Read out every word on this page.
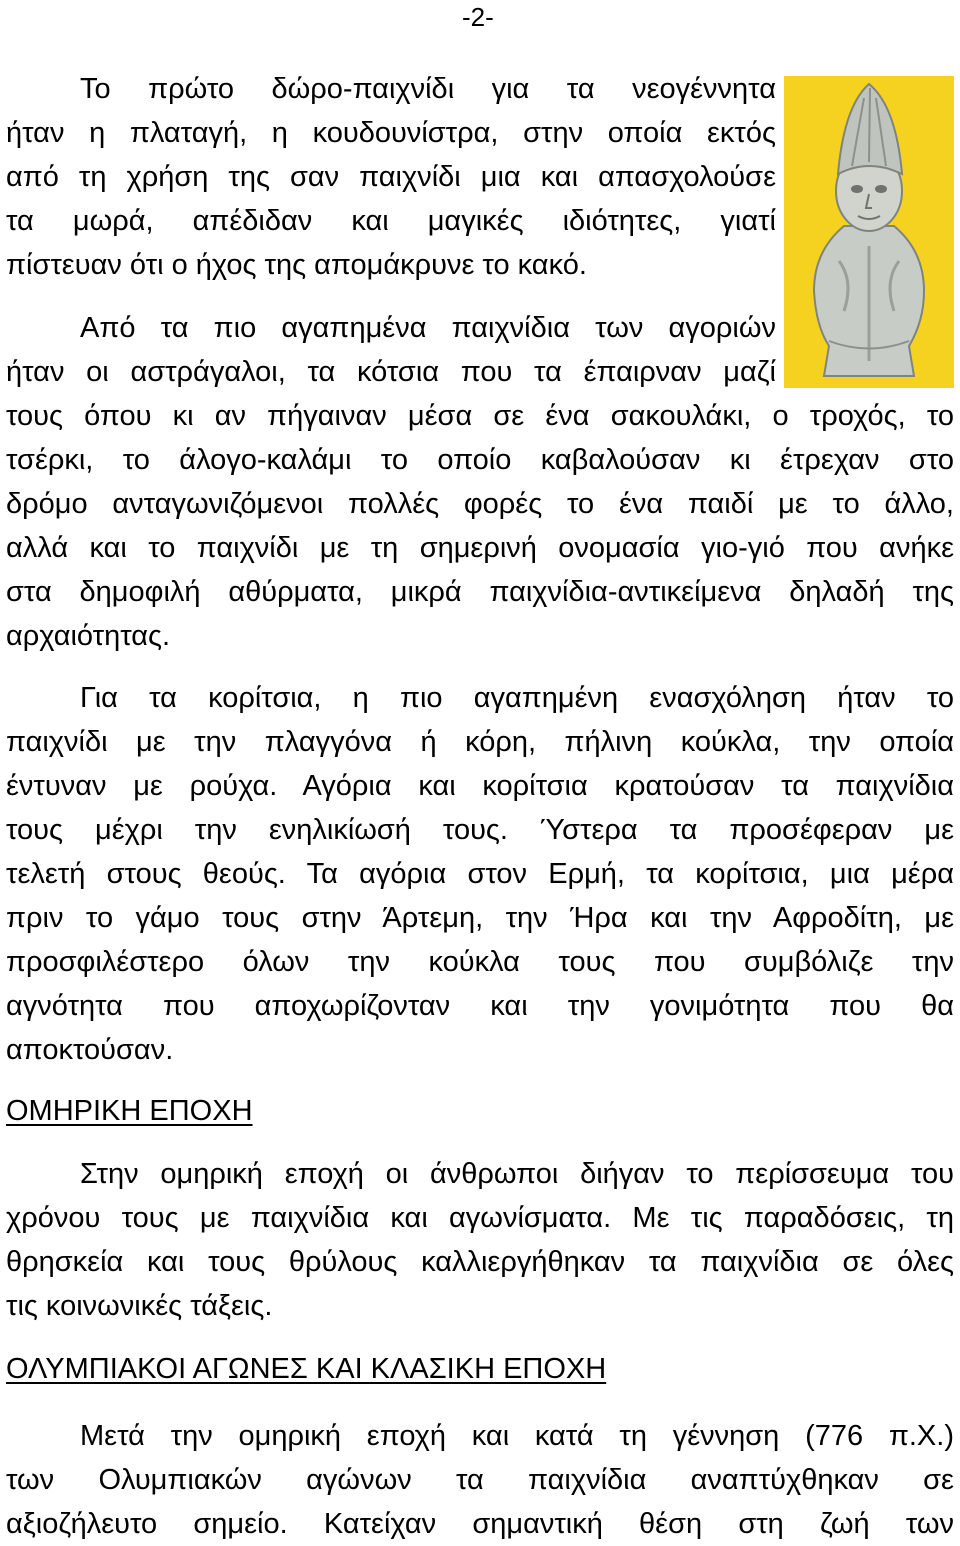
-2-
Το πρώτο δώρο-παιχνίδι για τα νεογέννητα
ήταν η πλαταγή, η κουδουνίστρα, στην οποία εκτός
από τη χρήση της σαν παιχνίδι μια και απασχολούσε
τα μωρά, απέδιδαν και μαγικές ιδιότητες, γιατί
πίστευαν ότι ο ήχος της απομάκρυνε το κακό.
Από τα πιο αγαπημένα παιχνίδια των αγοριών
ήταν οι αστράγαλοι, τα κότσια που τα έπαιρναν μαζί
τους όπου κι αν πήγαιναν μέσα σε ένα σακουλάκι, ο τροχός, το
τσέρκι, το άλογο-καλάμι το οποίο καβαλούσαν κι έτρεχαν στο
δρόμο ανταγωνιζόμενοι πολλές φορές το ένα παιδί με το άλλο,
αλλά και το παιχνίδι με τη σημερινή ονομασία γιο-γιό που ανήκε
στα δημοφιλή αθύρματα, μικρά παιχνίδια-αντικείμενα δηλαδή της
αρχαιότητας.
Για τα κορίτσια, η πιο αγαπημένη ενασχόληση ήταν το
παιχνίδι με την πλαγγόνα ή κόρη, πήλινη κούκλα, την οποία
έντυναν με ρούχα. Αγόρια και κορίτσια κρατούσαν τα παιχνίδια
τους μέχρι την ενηλικίωσή τους. Ύστερα τα προσέφεραν με
τελετή στους θεούς. Τα αγόρια στον Ερμή, τα κορίτσια, μια μέρα
πριν το γάμο τους στην Άρτεμη, την Ήρα και την Αφροδίτη, με
προσφιλέστερο όλων την κούκλα τους που συμβόλιζε την
αγνότητα που αποχωρίζονταν και την γονιμότητα που θα
αποκτούσαν.
ΟΜΗΡΙΚΗ ΕΠΟΧΗ
Στην ομηρική εποχή οι άνθρωποι διήγαν το περίσσευμα του
χρόνου τους με παιχνίδια και αγωνίσματα. Με τις παραδόσεις, τη
θρησκεία και τους θρύλους καλλιεργήθηκαν τα παιχνίδια σε όλες
τις κοινωνικές τάξεις.
ΟΛΥΜΠΙΑΚΟΙ ΑΓΩΝΕΣ ΚΑΙ ΚΛΑΣΙΚΗ ΕΠΟΧΗ
Μετά την ομηρική εποχή και κατά τη γέννηση (776 π.Χ.)
των Ολυμπιακών αγώνων τα παιχνίδια αναπτύχθηκαν σε
αξιοζήλευτο σημείο. Κατείχαν σημαντική θέση στη ζωή των
